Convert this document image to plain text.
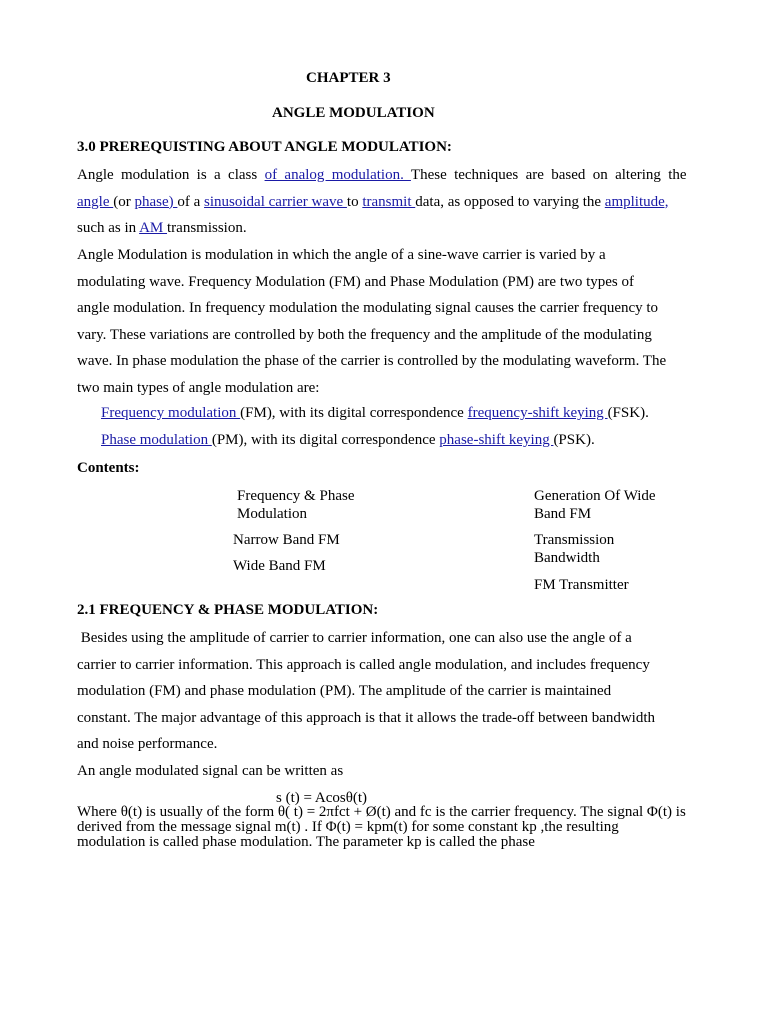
CHAPTER 3
ANGLE MODULATION
3.0 PREREQUISTING ABOUT ANGLE MODULATION:
Angle modulation is a class of analog modulation. These techniques are based on altering the
angle (or phase) of a sinusoidal carrier wave to transmit data, as opposed to varying the amplitude,
such as in AM transmission.
Angle Modulation is modulation in which the angle of a sine-wave carrier is varied by a
modulating wave. Frequency Modulation (FM) and Phase Modulation (PM) are two types of
angle modulation. In frequency modulation the modulating signal causes the carrier frequency to
vary. These variations are controlled by both the frequency and the amplitude of the modulating
wave. In phase modulation the phase of the carrier is controlled by the modulating waveform. The
two main types of angle modulation are:
Frequency modulation (FM), with its digital correspondence frequency-shift keying (FSK).
Phase modulation (PM), with its digital correspondence phase-shift keying (PSK).
Contents:
Frequency & Phase Modulation
Narrow Band FM
Wide Band FM
Generation Of Wide Band FM
Transmission Bandwidth
FM Transmitter
2.1 FREQUENCY & PHASE MODULATION:
Besides using the amplitude of carrier to carrier information, one can also use the angle of a
carrier to carrier information. This approach is called angle modulation, and includes frequency
modulation (FM) and phase modulation (PM). The amplitude of the carrier is maintained
constant. The major advantage of this approach is that it allows the trade-off between bandwidth
and noise performance.
An angle modulated signal can be written as
s (t) = Acosθ(t)
Where θ(t) is usually of the form θ( t) = 2πfct + Ø(t) and fc is the carrier frequency. The signal Φ(t) is derived from the message signal m(t) . If Φ(t) = kpm(t) for some constant kp ,the resulting modulation is called phase modulation. The parameter kp is called the phase
